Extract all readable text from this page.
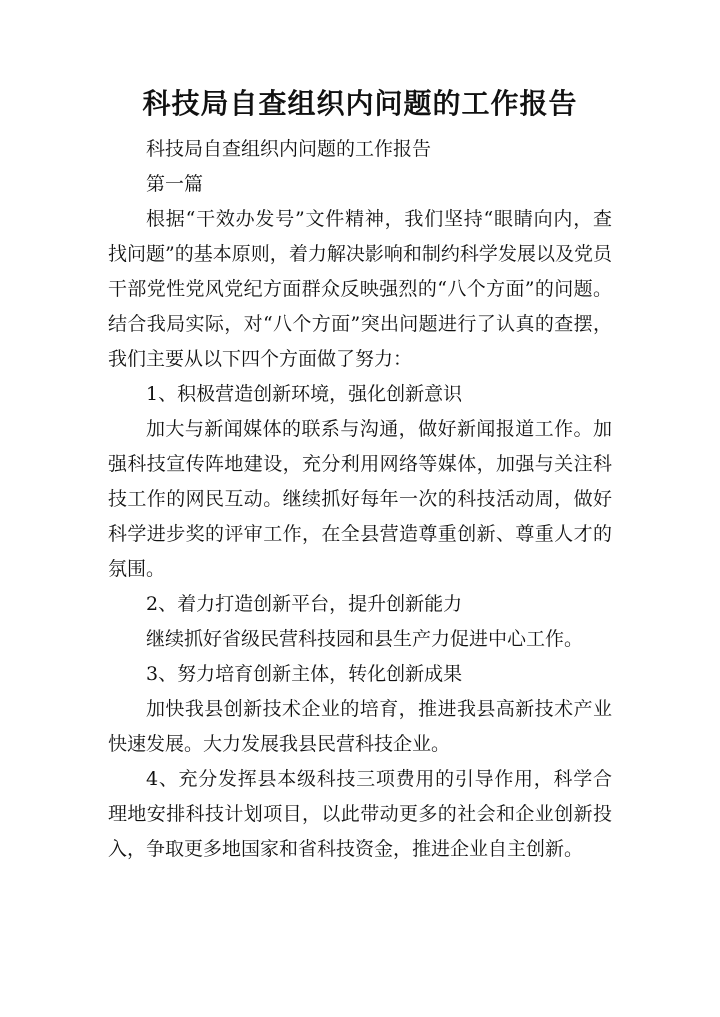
科技局自查组织内问题的工作报告

科技局自查组织内问题的工作报告

第一篇

根据“干效办发号”文件精神，我们坚持“眼睛向内，查找问题”的基本原则，着力解决影响和制约科学发展以及党员干部党性党风党纪方面群众反映强烈的“八个方面”的问题。结合我局实际，对“八个方面”突出问题进行了认真的查摆，我们主要从以下四个方面做了努力：

1、积极营造创新环境，强化创新意识

加大与新闻媒体的联系与沟通，做好新闻报道工作。加强科技宣传阵地建设，充分利用网络等媒体，加强与关注科技工作的网民互动。继续抓好每年一次的科技活动周，做好科学进步奖的评审工作，在全县营造尊重创新、尊重人才的氛围。

2、着力打造创新平台，提升创新能力

继续抓好省级民营科技园和县生产力促进中心工作。

3、努力培育创新主体，转化创新成果

加快我县创新技术企业的培育，推进我县高新技术产业快速发展。大力发展我县民营科技企业。

4、充分发挥县本级科技三项费用的引导作用，科学合理地安排科技计划项目，以此带动更多的社会和企业创新投入，争取更多地国家和省科技资金，推进企业自主创新。
